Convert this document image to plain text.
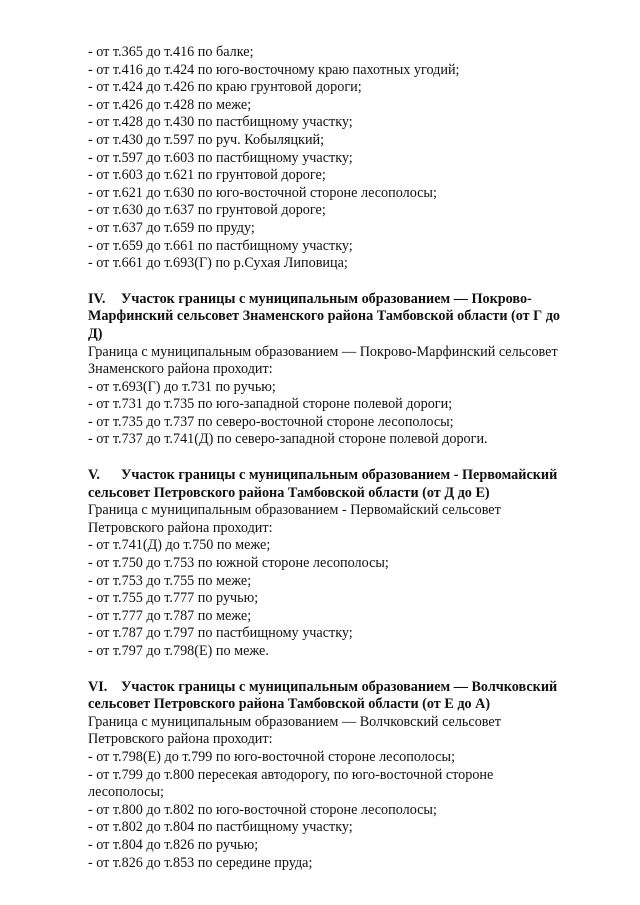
- от т.365 до т.416 по балке;
- от т.416 до т.424 по юго-восточному краю пахотных угодий;
- от т.424 до т.426 по краю грунтовой дороги;
- от т.426 до т.428 по меже;
- от т.428 до т.430 по пастбищному участку;
- от т.430 до т.597 по руч. Кобыляцкий;
- от т.597 до т.603 по пастбищному участку;
- от т.603 до т.621 по грунтовой дороге;
- от т.621 до т.630 по юго-восточной стороне лесополосы;
- от т.630 до т.637 по грунтовой дороге;
- от т.637 до т.659 по пруду;
- от т.659 до т.661 по пастбищному участку;
- от т.661 до т.693(Г) по р.Сухая Липовица;
IV. Участок границы с муниципальным образованием — Покрово-
Марфинский сельсовет Знаменского района Тамбовской области (от Г до
Д)
Граница с муниципальным образованием — Покрово-Марфинский сельсовет
Знаменского района проходит:
- от т.693(Г) до т.731 по ручью;
- от т.731 до т.735 по юго-западной стороне полевой дороги;
- от т.735 до т.737 по северо-восточной стороне лесополосы;
- от т.737 до т.741(Д) по северо-западной стороне полевой дороги.
V. Участок границы с муниципальным образованием - Первомайский
сельсовет Петровского района Тамбовской области (от Д до Е)
Граница с муниципальным образованием - Первомайский сельсовет
Петровского района проходит:
- от т.741(Д) до т.750 по меже;
- от т.750 до т.753 по южной стороне лесополосы;
- от т.753 до т.755 по меже;
- от т.755 до т.777 по ручью;
- от т.777 до т.787 по меже;
- от т.787 до т.797 по пастбищному участку;
- от т.797 до т.798(Е) по меже.
VI. Участок границы с муниципальным образованием — Волчковский
сельсовет Петровского района Тамбовской области (от Е до А)
Граница с муниципальным образованием — Волчковский сельсовет
Петровского района проходит:
- от т.798(Е) до т.799 по юго-восточной стороне лесополосы;
- от т.799 до т.800 пересекая автодорогу, по юго-восточной стороне
лесополосы;
- от т.800 до т.802 по юго-восточной стороне лесополосы;
- от т.802 до т.804 по пастбищному участку;
- от т.804 до т.826 по ручью;
- от т.826 до т.853 по середине пруда;
